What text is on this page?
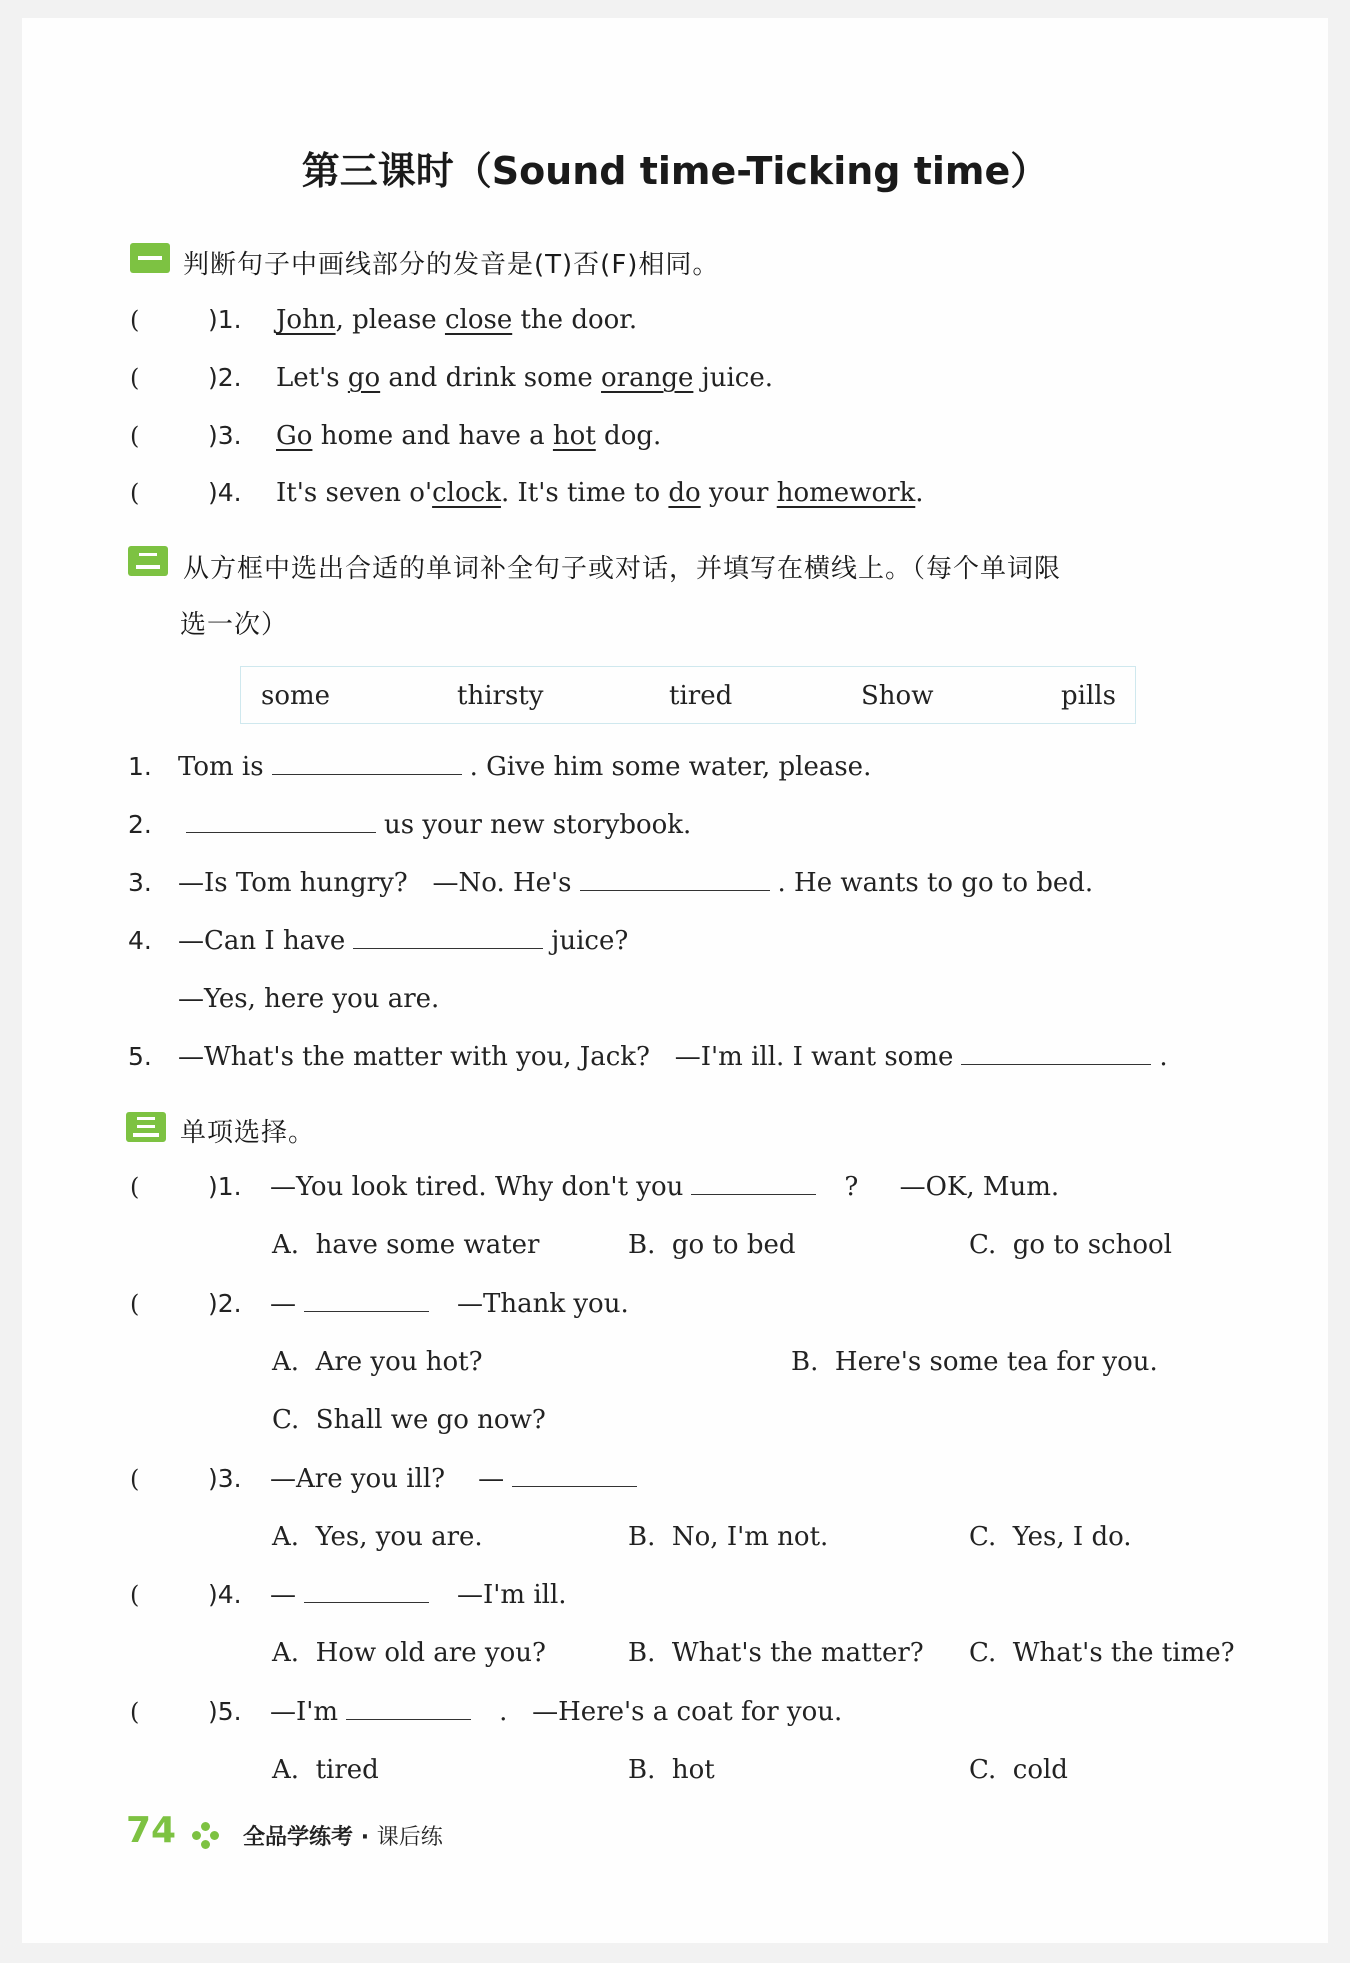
第三课时（Sound time-Ticking time）
判断句子中画线部分的发音是(T)否(F)相同。
(	)1. John, please close the door.
(	)2. Let's go and drink some orange juice.
(	)3. Go home and have a hot dog.
(	)4. It's seven o'clock. It's time to do your homework.
从方框中选出合适的单词补全句子或对话，并填写在横线上。（每个单词限
选一次）
some	thirsty	tired	Show	pills
1. Tom is	. Give him some water, please.
2.	us your new storybook.
3. —Is Tom hungry?   —No. He's	. He wants to go to bed.
4. —Can I have	juice?
—Yes, here you are.
5. —What's the matter with you, Jack?   —I'm ill. I want some	.
单项选择。
(	)1. —You look tired. Why don't you	?     —OK, Mum.
A.  have some water	B.  go to bed	C.  go to school
(	)2. —	—Thank you.
A.  Are you hot?	B.  Here's some tea for you.
C.  Shall we go now?
(	)3. —Are you ill?    —
A.  Yes, you are.	B.  No, I'm not.	C.  Yes, I do.
(	)4. —	—I'm ill.
A.  How old are you?	B.  What's the matter? C.  What's the time?
(	)5. —I'm	.   —Here's a coat for you.
A.  tired	B.  hot	C.  cold
74	全品学练考 · 课后练
